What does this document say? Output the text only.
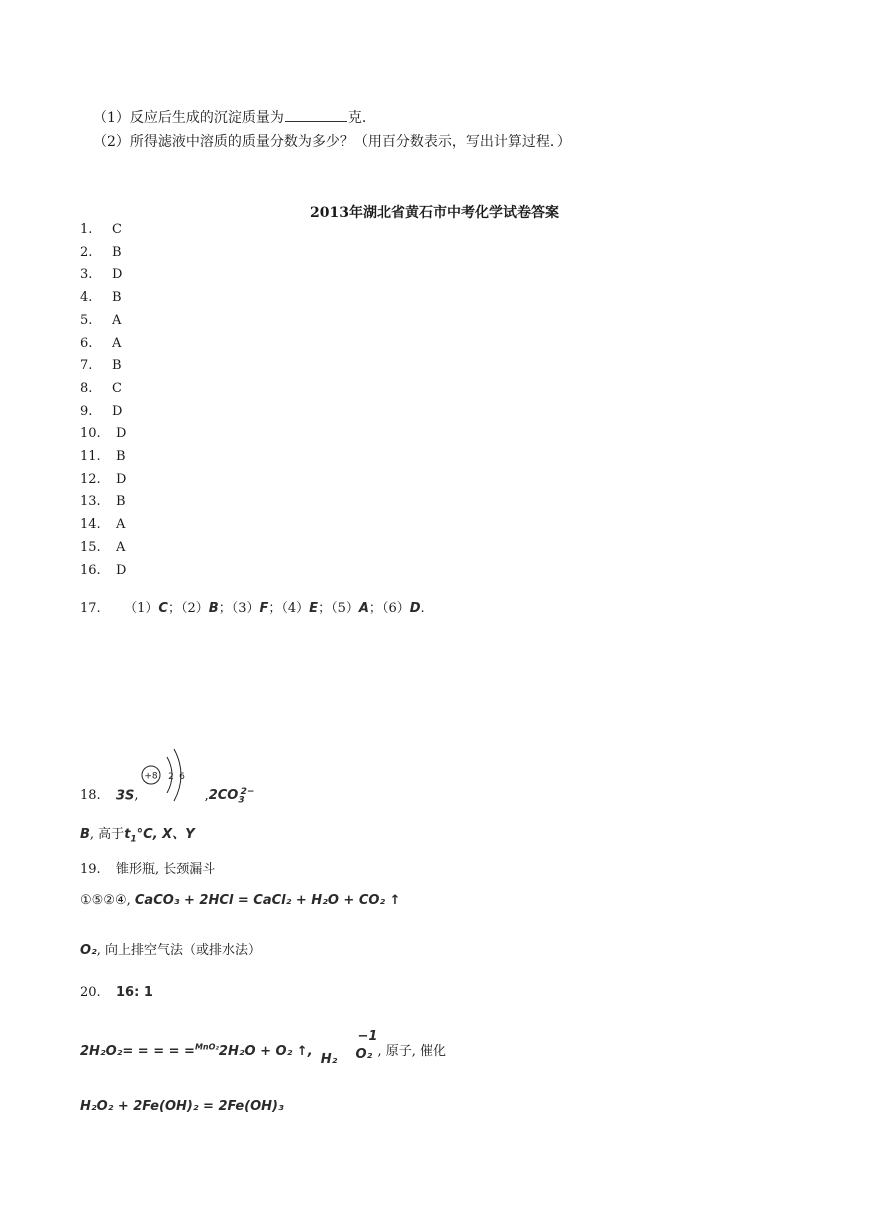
（1）反应后生成的沉淀质量为	克．
（2）所得滤液中溶质的质量分数为多少？（用百分数表示，写出计算过程．）
2013年湖北省黄石市中考化学试卷答案
1. C
2. B
3. D
4. B
5. A
6. A
7. B
8. C
9. D
10. D
11. B
12. D
13. B
14. A
15. A
16. D
17. （1）C；（2）B；（3）F；（4）E；（5）A；（6）D.
+8 2 6
18. 3S,	$,2CO_3^{2-}$
B, 高于$t_1^\circ C$, X、Y
19. 锥形瓶, 长颈漏斗
①⑤②④, CaCO₃ + 2HCl = CaCl₂ + H₂O + CO₂ ↑
O₂, 向上排空气法（或排水法）
20. 16: 1
2H₂O₂= = = = =$^{MnO_2}$2H₂O + O₂ ↑, H₂
−1
O₂ , 原子, 催化
H₂O₂ + 2Fe(OH)₂ = 2Fe(OH)₃
